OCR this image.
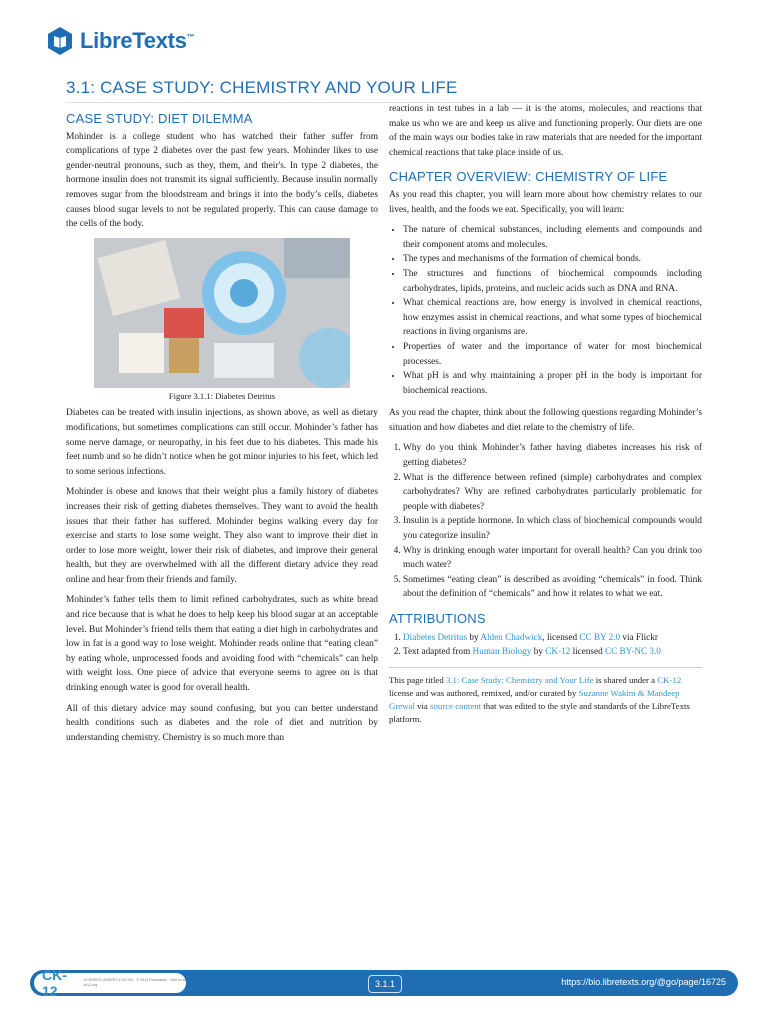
LibreTexts™
3.1: CASE STUDY: CHEMISTRY AND YOUR LIFE
CASE STUDY: DIET DILEMMA

Mohinder is a college student who has watched their father suffer from complications of type 2 diabetes over the past few years. Mohinder likes to use gender-neutral pronouns, such as they, them, and their's. In type 2 diabetes, the hormone insulin does not transmit its signal sufficiently. Because insulin normally removes sugar from the bloodstream and brings it into the body’s cells, diabetes causes blood sugar levels to not be regulated properly. This can cause damage to the cells of the body.

Figure 3.1.1: Diabetes Detritus

Diabetes can be treated with insulin injections, as shown above, as well as dietary modifications, but sometimes complications can still occur. Mohinder’s father has some nerve damage, or neuropathy, in his feet due to his diabetes. This made his feet numb and so he didn’t notice when he got minor injuries to his feet, which led to some serious infections.

Mohinder is obese and knows that their weight plus a family history of diabetes increases their risk of getting diabetes themselves. They want to avoid the health issues that their father has suffered. Mohinder begins walking every day for exercise and starts to lose some weight. They also want to improve their diet in order to lose more weight, lower their risk of diabetes, and improve their general health, but they are overwhelmed with all the different dietary advice they read online and hear from their friends and family.

Mohinder’s father tells them to limit refined carbohydrates, such as white bread and rice because that is what he does to help keep his blood sugar at an acceptable level. But Mohinder’s friend tells them that eating a diet high in carbohydrates and low in fat is a good way to lose weight. Mohinder reads online that “eating clean” by eating whole, unprocessed foods and avoiding food with “chemicals” can help with weight loss. One piece of advice that everyone seems to agree on is that drinking enough water is good for overall health.

All of this dietary advice may sound confusing, but you can better understand health conditions such as diabetes and the role of diet and nutrition by understanding chemistry. Chemistry is so much more than

reactions in test tubes in a lab — it is the atoms, molecules, and reactions that make us who we are and keep us alive and functioning properly. Our diets are one of the main ways our bodies take in raw materials that are needed for the important chemical reactions that take place inside of us.

CHAPTER OVERVIEW: CHEMISTRY OF LIFE

As you read this chapter, you will learn more about how chemistry relates to our lives, health, and the foods we eat. Specifically, you will learn:

• The nature of chemical substances, including elements and compounds and their component atoms and molecules.
• The types and mechanisms of the formation of chemical bonds.
• The structures and functions of biochemical compounds including carbohydrates, lipids, proteins, and nucleic acids such as DNA and RNA.
• What chemical reactions are, how energy is involved in chemical reactions, how enzymes assist in chemical reactions, and what some types of biochemical reactions in living organisms are.
• Properties of water and the importance of water for most biochemical processes.
• What pH is and why maintaining a proper pH in the body is important for biochemical reactions.

As you read the chapter, think about the following questions regarding Mohinder’s situation and how diabetes and diet relate to the chemistry of life.

1. Why do you think Mohinder’s father having diabetes increases his risk of getting diabetes?
2. What is the difference between refined (simple) carbohydrates and complex carbohydrates? Why are refined carbohydrates particularly problematic for people with diabetes?
3. Insulin is a peptide hormone. In which class of biochemical compounds would you categorize insulin?
4. Why is drinking enough water important for overall health? Can you drink too much water?
5. Sometimes “eating clean” is described as avoiding “chemicals” in food. Think about the definition of “chemicals” and how it relates to what we eat.
ATTRIBUTIONS
1. Diabetes Detritus by Alden Chadwick, licensed CC BY 2.0 via Flickr
2. Text adapted from Human Biology by CK-12 licensed CC BY-NC 3.0

This page titled 3.1: Case Study: Chemistry and Your Life is shared under a CK-12 license and was authored, remixed, and/or curated by Suzanne Wakim & Mandeep Grewal via source content that was edited to the style and standards of the LibreTexts platform.

CK-12
LICENSED UNDER CC BY-NC · © 2014 Foundation · Visit us at ck12.org	3.1.1	https://bio.libretexts.org/@go/page/16725
